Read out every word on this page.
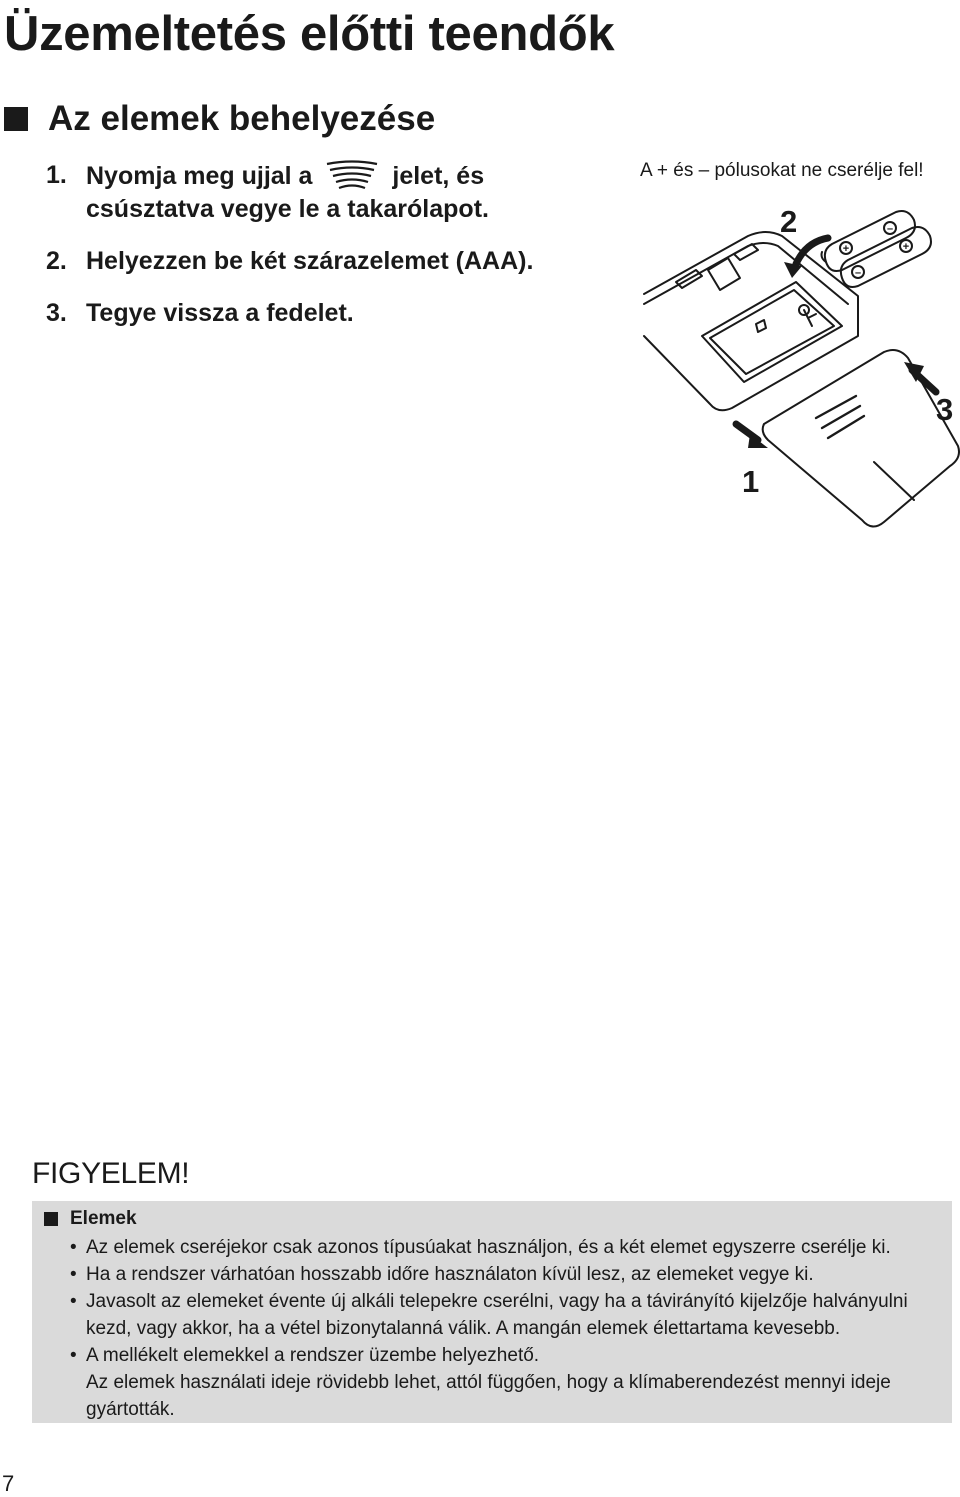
Üzemeltetés előtti teendők
Az elemek behelyezése
1. Nyomja meg ujjal a	jelet, és
csúsztatva vegye le a takarólapot.
2. Helyezzen be két szárazelemet (AAA).
3. Tegye vissza a fedelet.
A + és – pólusokat ne cserélje fel!
+	+
–
–
2
3
1
FIGYELEM!
Elemek
• Az elemek cseréjekor csak azonos típusúakat használjon, és a két elemet egyszerre cserélje ki.
• Ha a rendszer várhatóan hosszabb időre használaton kívül lesz, az elemeket vegye ki.
• Javasolt az elemeket évente új alkáli telepekre cserélni, vagy ha a távirányító kijelzője halványulni
kezd, vagy akkor, ha a vétel bizonytalanná válik. A mangán elemek élettartama kevesebb.
• A mellékelt elemekkel a rendszer üzembe helyezhető.
Az elemek használati ideje rövidebb lehet, attól függően, hogy a klímaberendezést mennyi ideje
gyártották.
7
